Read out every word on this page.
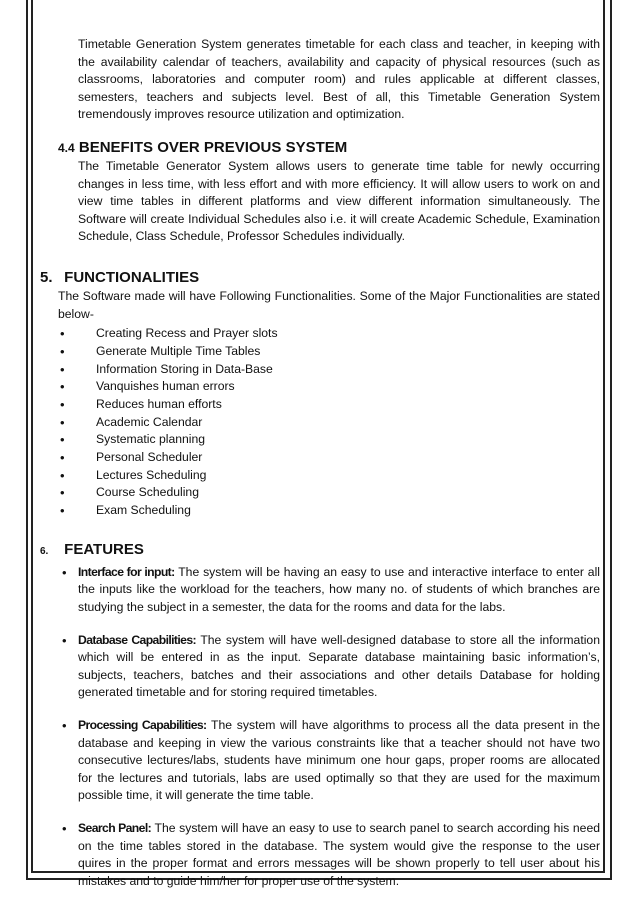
Timetable Generation System generates timetable for each class and teacher, in keeping with the availability calendar of teachers, availability and capacity of physical resources (such as classrooms, laboratories and computer room) and rules applicable at different classes, semesters, teachers and subjects level. Best of all, this Timetable Generation System tremendously improves resource utilization and optimization.

4.4 BENEFITS OVER PREVIOUS SYSTEM

The Timetable Generator System allows users to generate time table for newly occurring changes in less time, with less effort and with more efficiency. It will allow users to work on and view time tables in different platforms and view different information simultaneously. The Software will create Individual Schedules also i.e. it will create Academic Schedule, Examination Schedule, Class Schedule, Professor Schedules individually.

5. FUNCTIONALITIES

The Software made will have Following Functionalities. Some of the Major Functionalities are stated below-

• Creating Recess and Prayer slots
• Generate Multiple Time Tables
• Information Storing in Data-Base
• Vanquishes human errors
• Reduces human efforts
• Academic Calendar
• Systematic planning
• Personal Scheduler
• Lectures Scheduling
• Course Scheduling
• Exam Scheduling
6. FEATURES
• Interface for input: The system will be having an easy to use and interactive interface to enter all the inputs like the workload for the teachers, how many no. of students of which branches are studying the subject in a semester, the data for the rooms and data for the labs.
• Database Capabilities: The system will have well-designed database to store all the information which will be entered in as the input. Separate database maintaining basic information’s, subjects, teachers, batches and their associations and other details Database for holding generated timetable and for storing required timetables.
• Processing Capabilities: The system will have algorithms to process all the data present in the database and keeping in view the various constraints like that a teacher should not have two consecutive lectures/labs, students have minimum one hour gaps, proper rooms are allocated for the lectures and tutorials, labs are used optimally so that they are used for the maximum possible time, it will generate the time table.
• Search Panel: The system will have an easy to use to search panel to search according his need on the time tables stored in the database. The system would give the response to the user quires in the proper format and errors messages will be shown properly to tell user about his mistakes and to guide him/her for proper use of the system.
